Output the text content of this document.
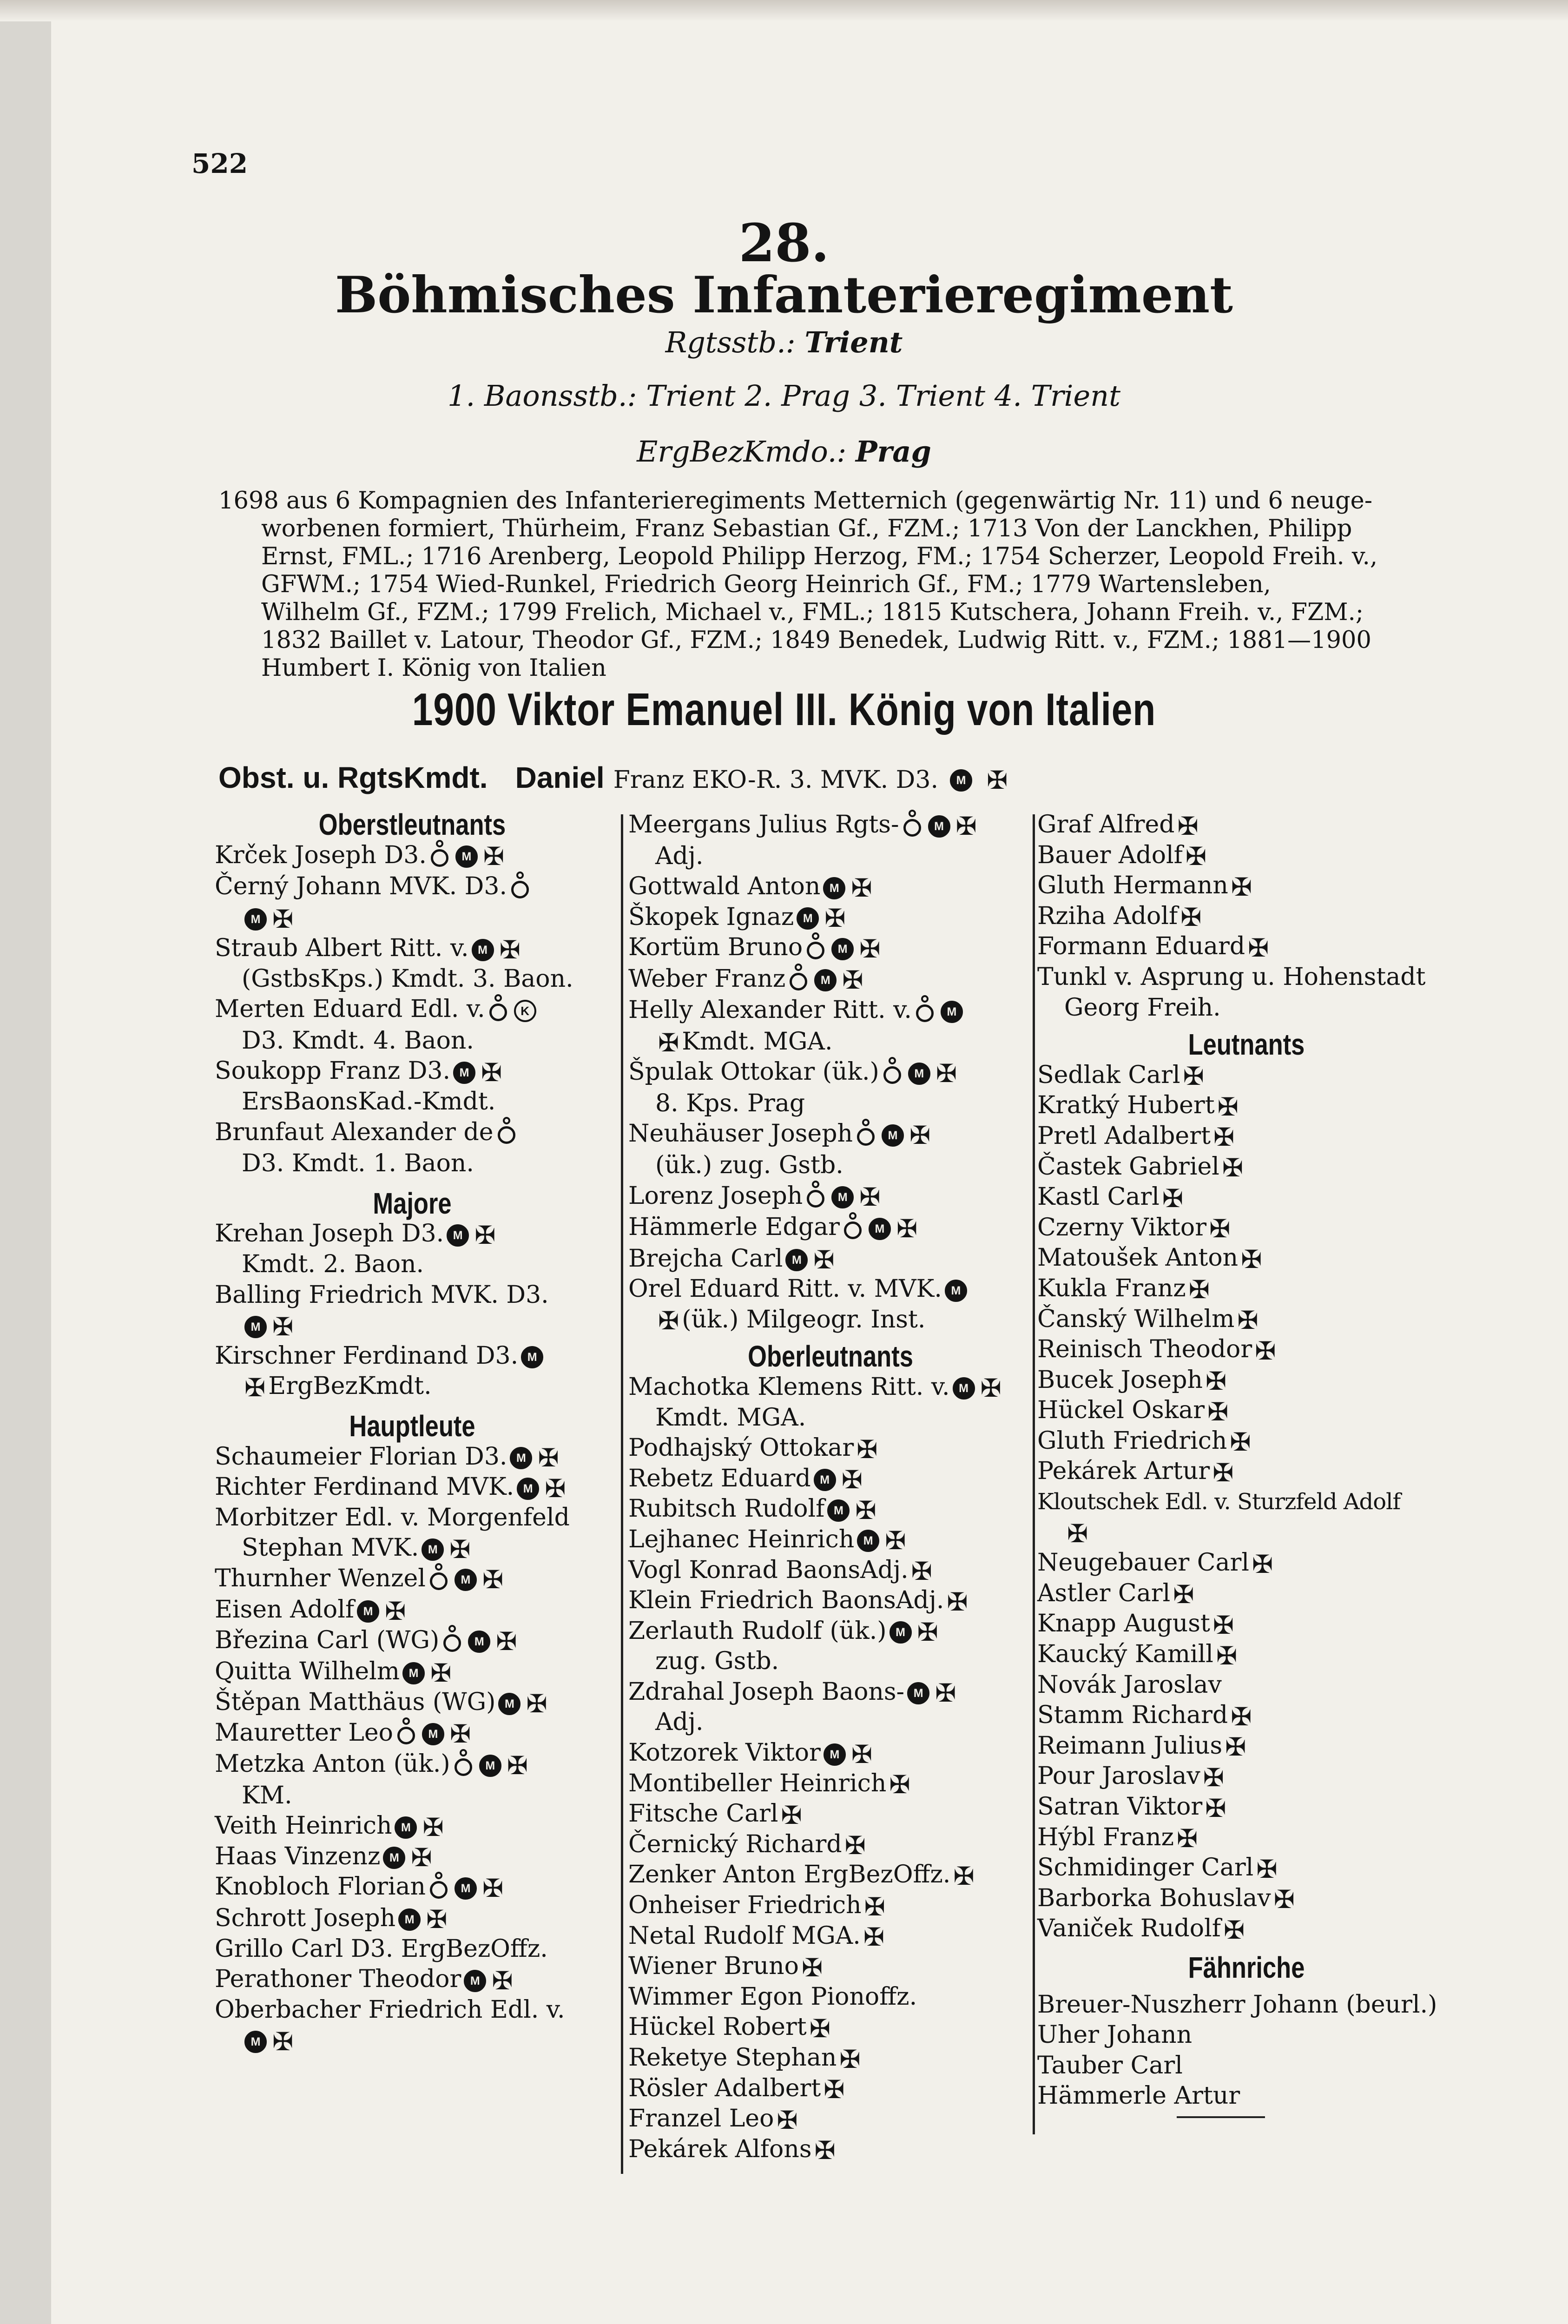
522
28.
Böhmisches Infanterieregiment
Rgtsstb.: Trient
1. Baonsstb.: Trient 2. Prag 3. Trient 4. Trient
ErgBezKmdo.: Prag
1698 aus 6 Kompagnien des Infanterieregiments Metternich (gegenwärtig Nr. 11) und 6 neuge-
worbenen formiert, Thürheim, Franz Sebastian Gf., FZM.; 1713 Von der Lanckhen, Philipp
Ernst, FML.; 1716 Arenberg, Leopold Philipp Herzog, FM.; 1754 Scherzer, Leopold Freih. v.,
GFWM.; 1754 Wied-Runkel, Friedrich Georg Heinrich Gf., FM.; 1779 Wartensleben,
Wilhelm Gf., FZM.; 1799 Frelich, Michael v., FML.; 1815 Kutschera, Johann Freih. v., FZM.;
1832 Baillet v. Latour, Theodor Gf., FZM.; 1849 Benedek, Ludwig Ritt. v., FZM.; 1881—1900
Humbert I. König von Italien
1900 Viktor Emanuel III. König von Italien
Obst. u. RgtsKmdt. Daniel Franz EKO-R. 3. MVK. D3. M ✠
Oberstleutnants
Krček Joseph D3.	M ✠
Černý Johann MVK. D3.
M ✠
Straub Albert Ritt. v. M ✠
(GstbsKps.) Kmdt. 3. Baon.
Merten Eduard Edl. v.	K
D3. Kmdt. 4. Baon.
Soukopp Franz D3. M ✠
ErsBaonsKad.-Kmdt.
Brunfaut Alexander de
D3. Kmdt. 1. Baon.
Majore
Krehan Joseph D3. M ✠
Kmdt. 2. Baon.
Balling Friedrich MVK. D3.
M ✠
Kirschner Ferdinand D3. M
✠ ErgBezKmdt.
Hauptleute
Schaumeier Florian D3. M ✠
Richter Ferdinand MVK. M ✠
Morbitzer Edl. v. Morgenfeld
Stephan MVK. M ✠
Thurnher Wenzel	M ✠
Eisen Adolf M ✠
Březina Carl (WG)	M ✠
Quitta Wilhelm M ✠
Štěpan Matthäus (WG) M ✠
Mauretter Leo	M ✠
Metzka Anton (ük.)	M ✠
KM.
Veith Heinrich M ✠
Haas Vinzenz M ✠
Knobloch Florian	M ✠
Schrott Joseph M ✠
Grillo Carl D3. ErgBezOffz.
Perathoner Theodor M ✠
Oberbacher Friedrich Edl. v.
M ✠
Meergans Julius Rgts-	M ✠
Adj.
Gottwald Anton M ✠
Škopek Ignaz M ✠
Kortüm Bruno	M ✠
Weber Franz	M ✠
Helly Alexander Ritt. v.	M
✠ Kmdt. MGA.
Špulak Ottokar (ük.)	M ✠
8. Kps. Prag
Neuhäuser Joseph	M ✠
(ük.) zug. Gstb.
Lorenz Joseph	M ✠
Hämmerle Edgar	M ✠
Brejcha Carl M ✠
Orel Eduard Ritt. v. MVK. M
✠ (ük.) Milgeogr. Inst.
Oberleutnants
Machotka Klemens Ritt. v. M ✠
Kmdt. MGA.
Podhajský Ottokar ✠
Rebetz Eduard M ✠
Rubitsch Rudolf M ✠
Lejhanec Heinrich M ✠
Vogl Konrad BaonsAdj. ✠
Klein Friedrich BaonsAdj. ✠
Zerlauth Rudolf (ük.) M ✠
zug. Gstb.
Zdrahal Joseph Baons- M ✠
Adj.
Kotzorek Viktor M ✠
Montibeller Heinrich ✠
Fitsche Carl ✠
Černický Richard ✠
Zenker Anton ErgBezOffz. ✠
Onheiser Friedrich ✠
Netal Rudolf MGA. ✠
Wiener Bruno ✠
Wimmer Egon Pionoffz.
Hückel Robert ✠
Reketye Stephan ✠
Rösler Adalbert ✠
Franzel Leo ✠
Pekárek Alfons ✠
Graf Alfred ✠
Bauer Adolf ✠
Gluth Hermann ✠
Rziha Adolf ✠
Formann Eduard ✠
Tunkl v. Asprung u. Hohenstadt
Georg Freih.
Leutnants
Sedlak Carl ✠
Kratký Hubert ✠
Pretl Adalbert ✠
Častek Gabriel ✠
Kastl Carl ✠
Czerny Viktor ✠
Matoušek Anton ✠
Kukla Franz ✠
Čanský Wilhelm ✠
Reinisch Theodor ✠
Bucek Joseph ✠
Hückel Oskar ✠
Gluth Friedrich ✠
Pekárek Artur ✠
Kloutschek Edl. v. Sturzfeld Adolf
✠
Neugebauer Carl ✠
Astler Carl ✠
Knapp August ✠
Kaucký Kamill ✠
Novák Jaroslav
Stamm Richard ✠
Reimann Julius ✠
Pour Jaroslav ✠
Satran Viktor ✠
Hýbl Franz ✠
Schmidinger Carl ✠
Barborka Bohuslav ✠
Vaniček Rudolf ✠
Fähnriche
Breuer-Nuszherr Johann (beurl.)
Uher Johann
Tauber Carl
Hämmerle Artur
